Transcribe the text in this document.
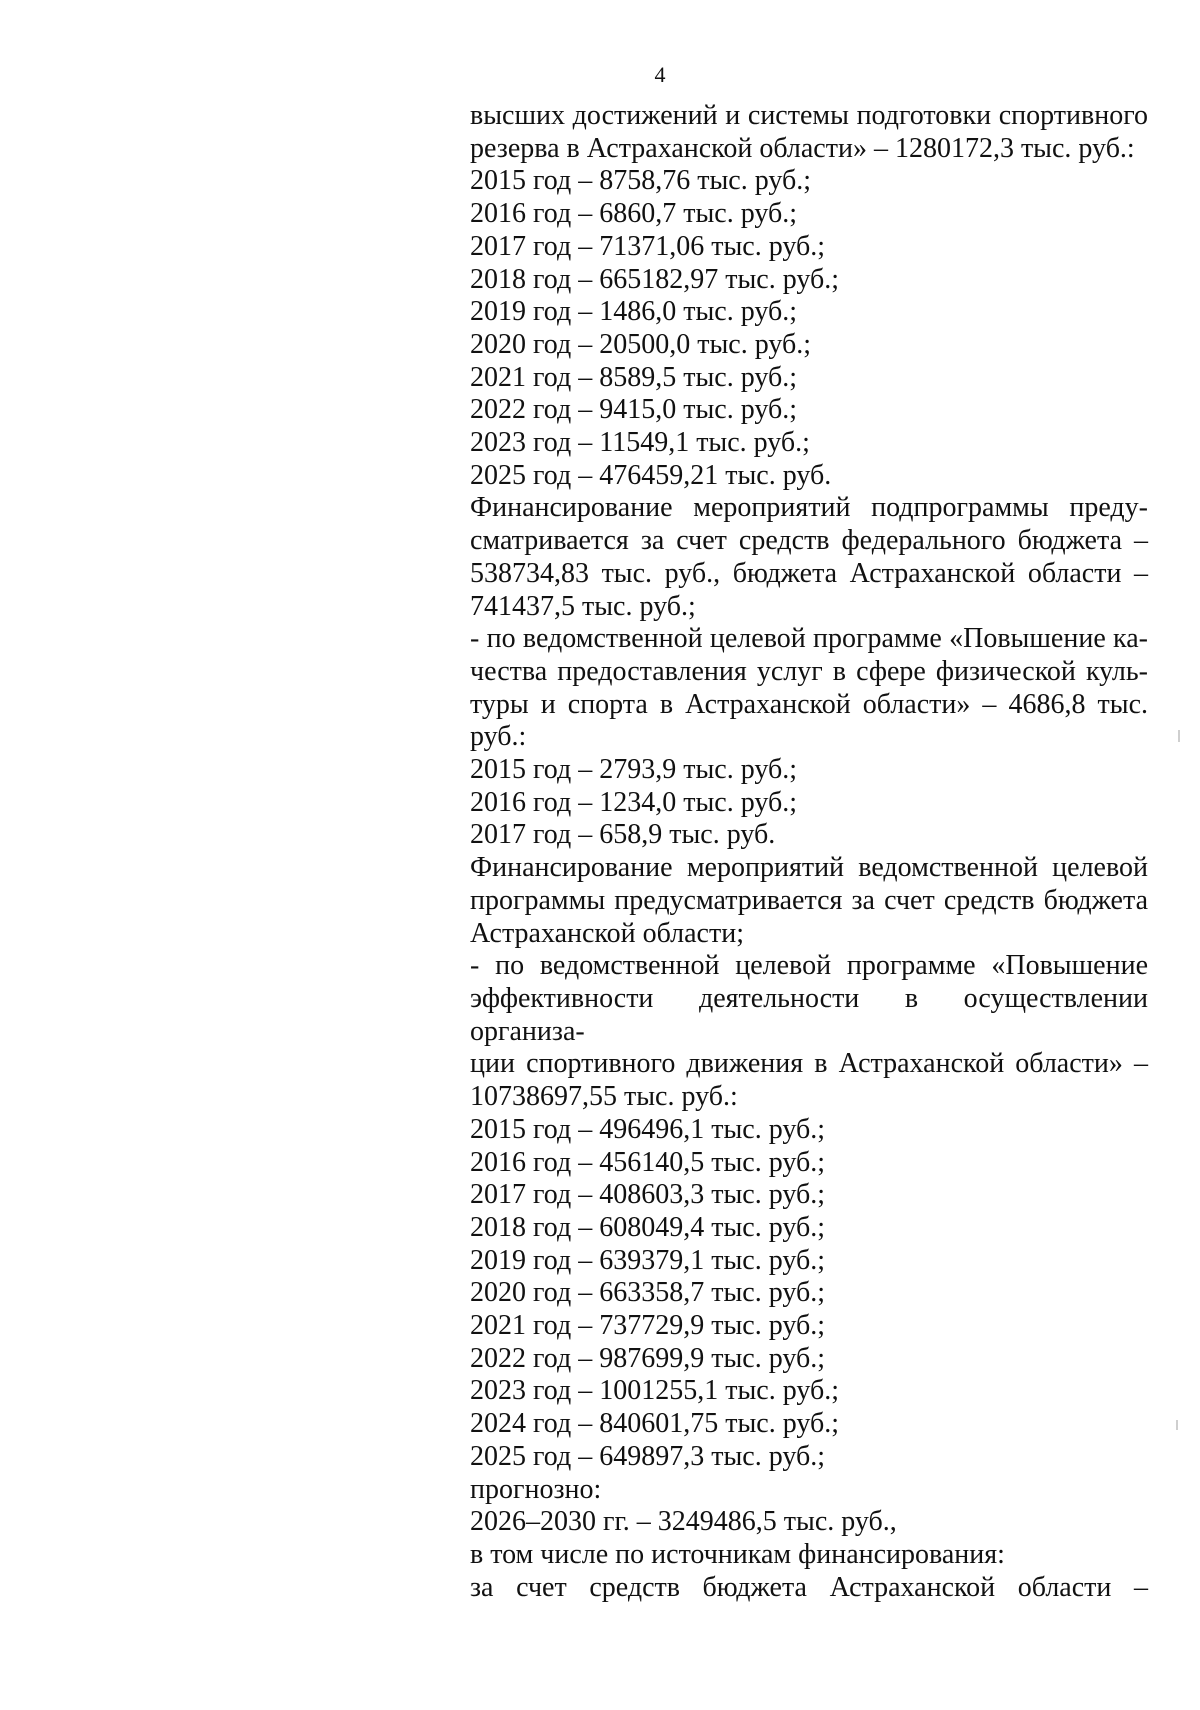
4
высших достижений и системы подготовки спортивного
резерва в Астраханской области» – 1280172,3 тыс. руб.:
2015 год – 8758,76 тыс. руб.;
2016 год – 6860,7 тыс. руб.;
2017 год – 71371,06 тыс. руб.;
2018 год – 665182,97 тыс. руб.;
2019 год – 1486,0 тыс. руб.;
2020 год – 20500,0 тыс. руб.;
2021 год – 8589,5 тыс. руб.;
2022 год – 9415,0 тыс. руб.;
2023 год – 11549,1 тыс. руб.;
2025 год – 476459,21 тыс. руб.
Финансирование мероприятий подпрограммы преду-
сматривается за счет средств федерального бюджета –
538734,83 тыс. руб., бюджета Астраханской области –
741437,5 тыс. руб.;
- по ведомственной целевой программе «Повышение ка-
чества предоставления услуг в сфере физической куль-
туры и спорта в Астраханской области» – 4686,8 тыс.
руб.:
2015 год – 2793,9 тыс. руб.;
2016 год – 1234,0 тыс. руб.;
2017 год – 658,9 тыс. руб.
Финансирование мероприятий ведомственной целевой
программы предусматривается за счет средств бюджета
Астраханской области;
- по ведомственной целевой программе «Повышение
эффективности деятельности в осуществлении организа-
ции спортивного движения в Астраханской области» –
10738697,55 тыс. руб.:
2015 год – 496496,1 тыс. руб.;
2016 год – 456140,5 тыс. руб.;
2017 год – 408603,3 тыс. руб.;
2018 год – 608049,4 тыс. руб.;
2019 год – 639379,1 тыс. руб.;
2020 год – 663358,7 тыс. руб.;
2021 год – 737729,9 тыс. руб.;
2022 год – 987699,9 тыс. руб.;
2023 год – 1001255,1 тыс. руб.;
2024 год – 840601,75 тыс. руб.;
2025 год – 649897,3 тыс. руб.;
прогнозно:
2026–2030 гг. – 3249486,5 тыс. руб.,
в том числе по источникам финансирования:
за счет средств бюджета Астраханской области –
